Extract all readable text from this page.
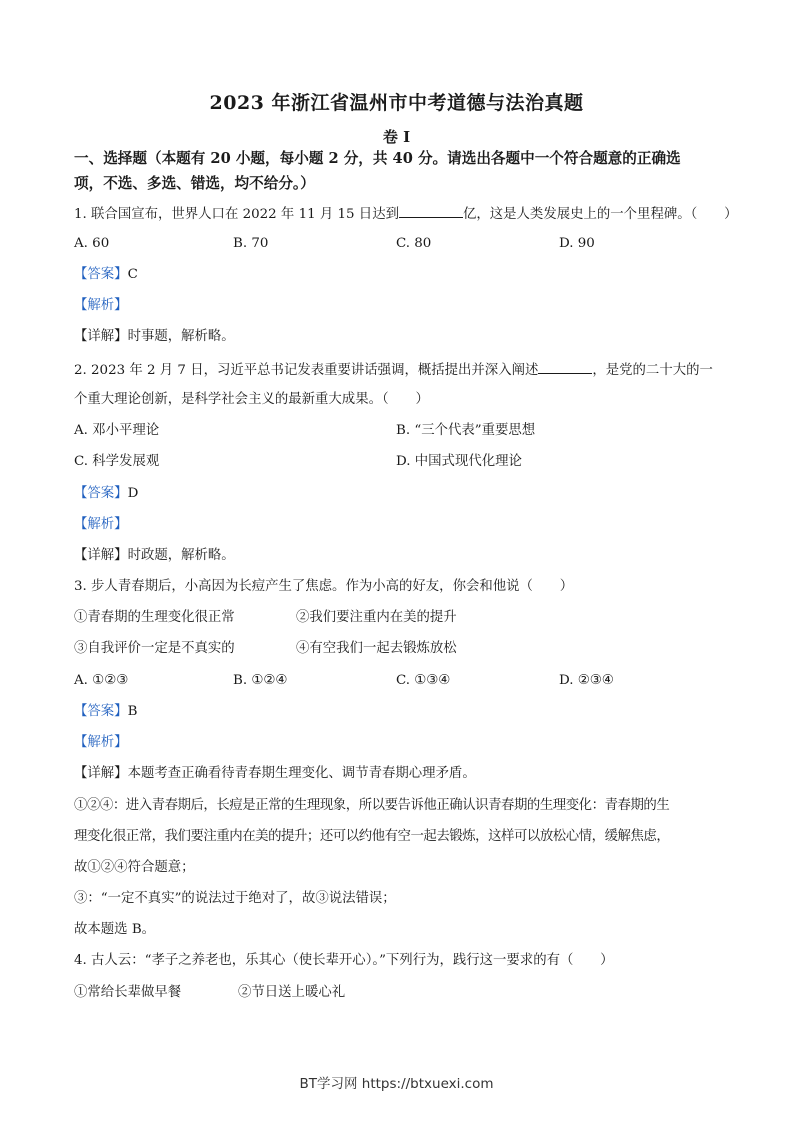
2023 年浙江省温州市中考道德与法治真题
卷 I
一、选择题（本题有 20 小题，每小题 2 分，共 40 分。请选出各题中一个符合题意的正确选
项，不选、多选、错选，均不给分。）
1. 联合国宣布，世界人口在 2022 年 11 月 15 日达到	亿，这是人类发展史上的一个里程碑。（　　）
A. 60	B. 70	C. 80	D. 90
【答案】C
【解析】
【详解】时事题，解析略。
2. 2023 年 2 月 7 日，习近平总书记发表重要讲话强调，概括提出并深入阐述	，是党的二十大的一
个重大理论创新，是科学社会主义的最新重大成果。（　　）
A. 邓小平理论	B. “三个代表”重要思想
C. 科学发展观	D. 中国式现代化理论
【答案】D
【解析】
【详解】时政题，解析略。
3. 步人青春期后，小高因为长痘产生了焦虑。作为小高的好友，你会和他说（　　）
①青春期的生理变化很正常	②我们要注重内在美的提升
③自我评价一定是不真实的	④有空我们一起去锻炼放松
A. ①②③	B. ①②④	C. ①③④	D. ②③④
【答案】B
【解析】
【详解】本题考查正确看待青春期生理变化、调节青春期心理矛盾。
①②④：进入青春期后，长痘是正常的生理现象，所以要告诉他正确认识青春期的生理变化：青春期的生
理变化很正常，我们要注重内在美的提升；还可以约他有空一起去锻炼，这样可以放松心情，缓解焦虑，
故①②④符合题意；
③：“一定不真实”的说法过于绝对了，故③说法错误；
故本题选 B。
4. 古人云：“孝子之养老也，乐其心（使长辈开心）。”下列行为，践行这一要求的有（　　）
①常给长辈做早餐	②节日送上暖心礼
BT学习网 https://btxuexi.com
